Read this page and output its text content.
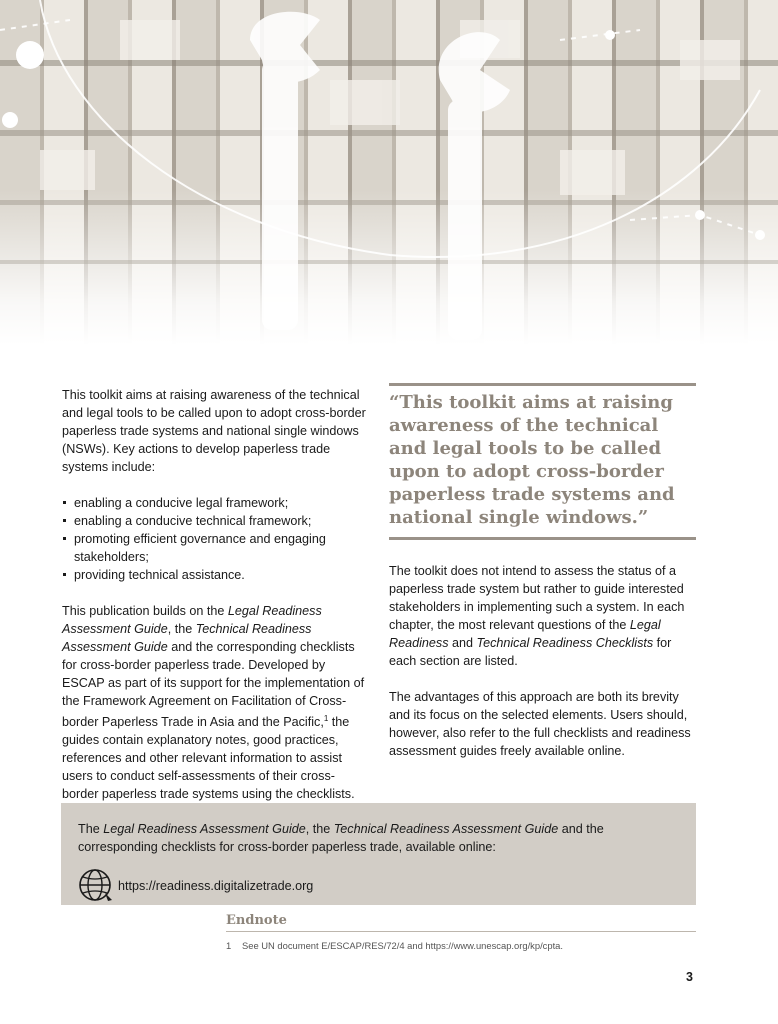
This toolkit aims at raising awareness of the technical and legal tools to be called upon to adopt cross-border paperless trade systems and national single windows (NSWs). Key actions to develop paperless trade systems include:

enabling a conducive legal framework;
enabling a conducive technical framework;
promoting efficient governance and engaging stakeholders;
providing technical assistance.

This publication builds on the Legal Readiness Assessment Guide, the Technical Readiness Assessment Guide and the corresponding checklists for cross-border paperless trade. Developed by ESCAP as part of its support for the implementation of the Framework Agreement on Facilitation of Cross-border Paperless Trade in Asia and the Pacific,$^1$ the guides contain explanatory notes, good practices, references and other relevant information to assist users to conduct self-assessments of their cross-border paperless trade systems using the checklists.

“This toolkit aims at raising awareness of the technical and legal tools to be called upon to adopt cross-border paperless trade systems and national single windows.”

The toolkit does not intend to assess the status of a paperless trade system but rather to guide interested stakeholders in implementing such a system. In each chapter, the most relevant questions of the Legal Readiness and Technical Readiness Checklists for each section are listed.

The advantages of this approach are both its brevity and its focus on the selected elements. Users should, however, also refer to the full checklists and readiness assessment guides freely available online.

The Legal Readiness Assessment Guide, the Technical Readiness Assessment Guide and the corresponding checklists for cross-border paperless trade, available online:
https://readiness.digitalizetrade.org
Endnote
1	See UN document E/ESCAP/RES/72/4 and https://www.unescap.org/kp/cpta.
3
